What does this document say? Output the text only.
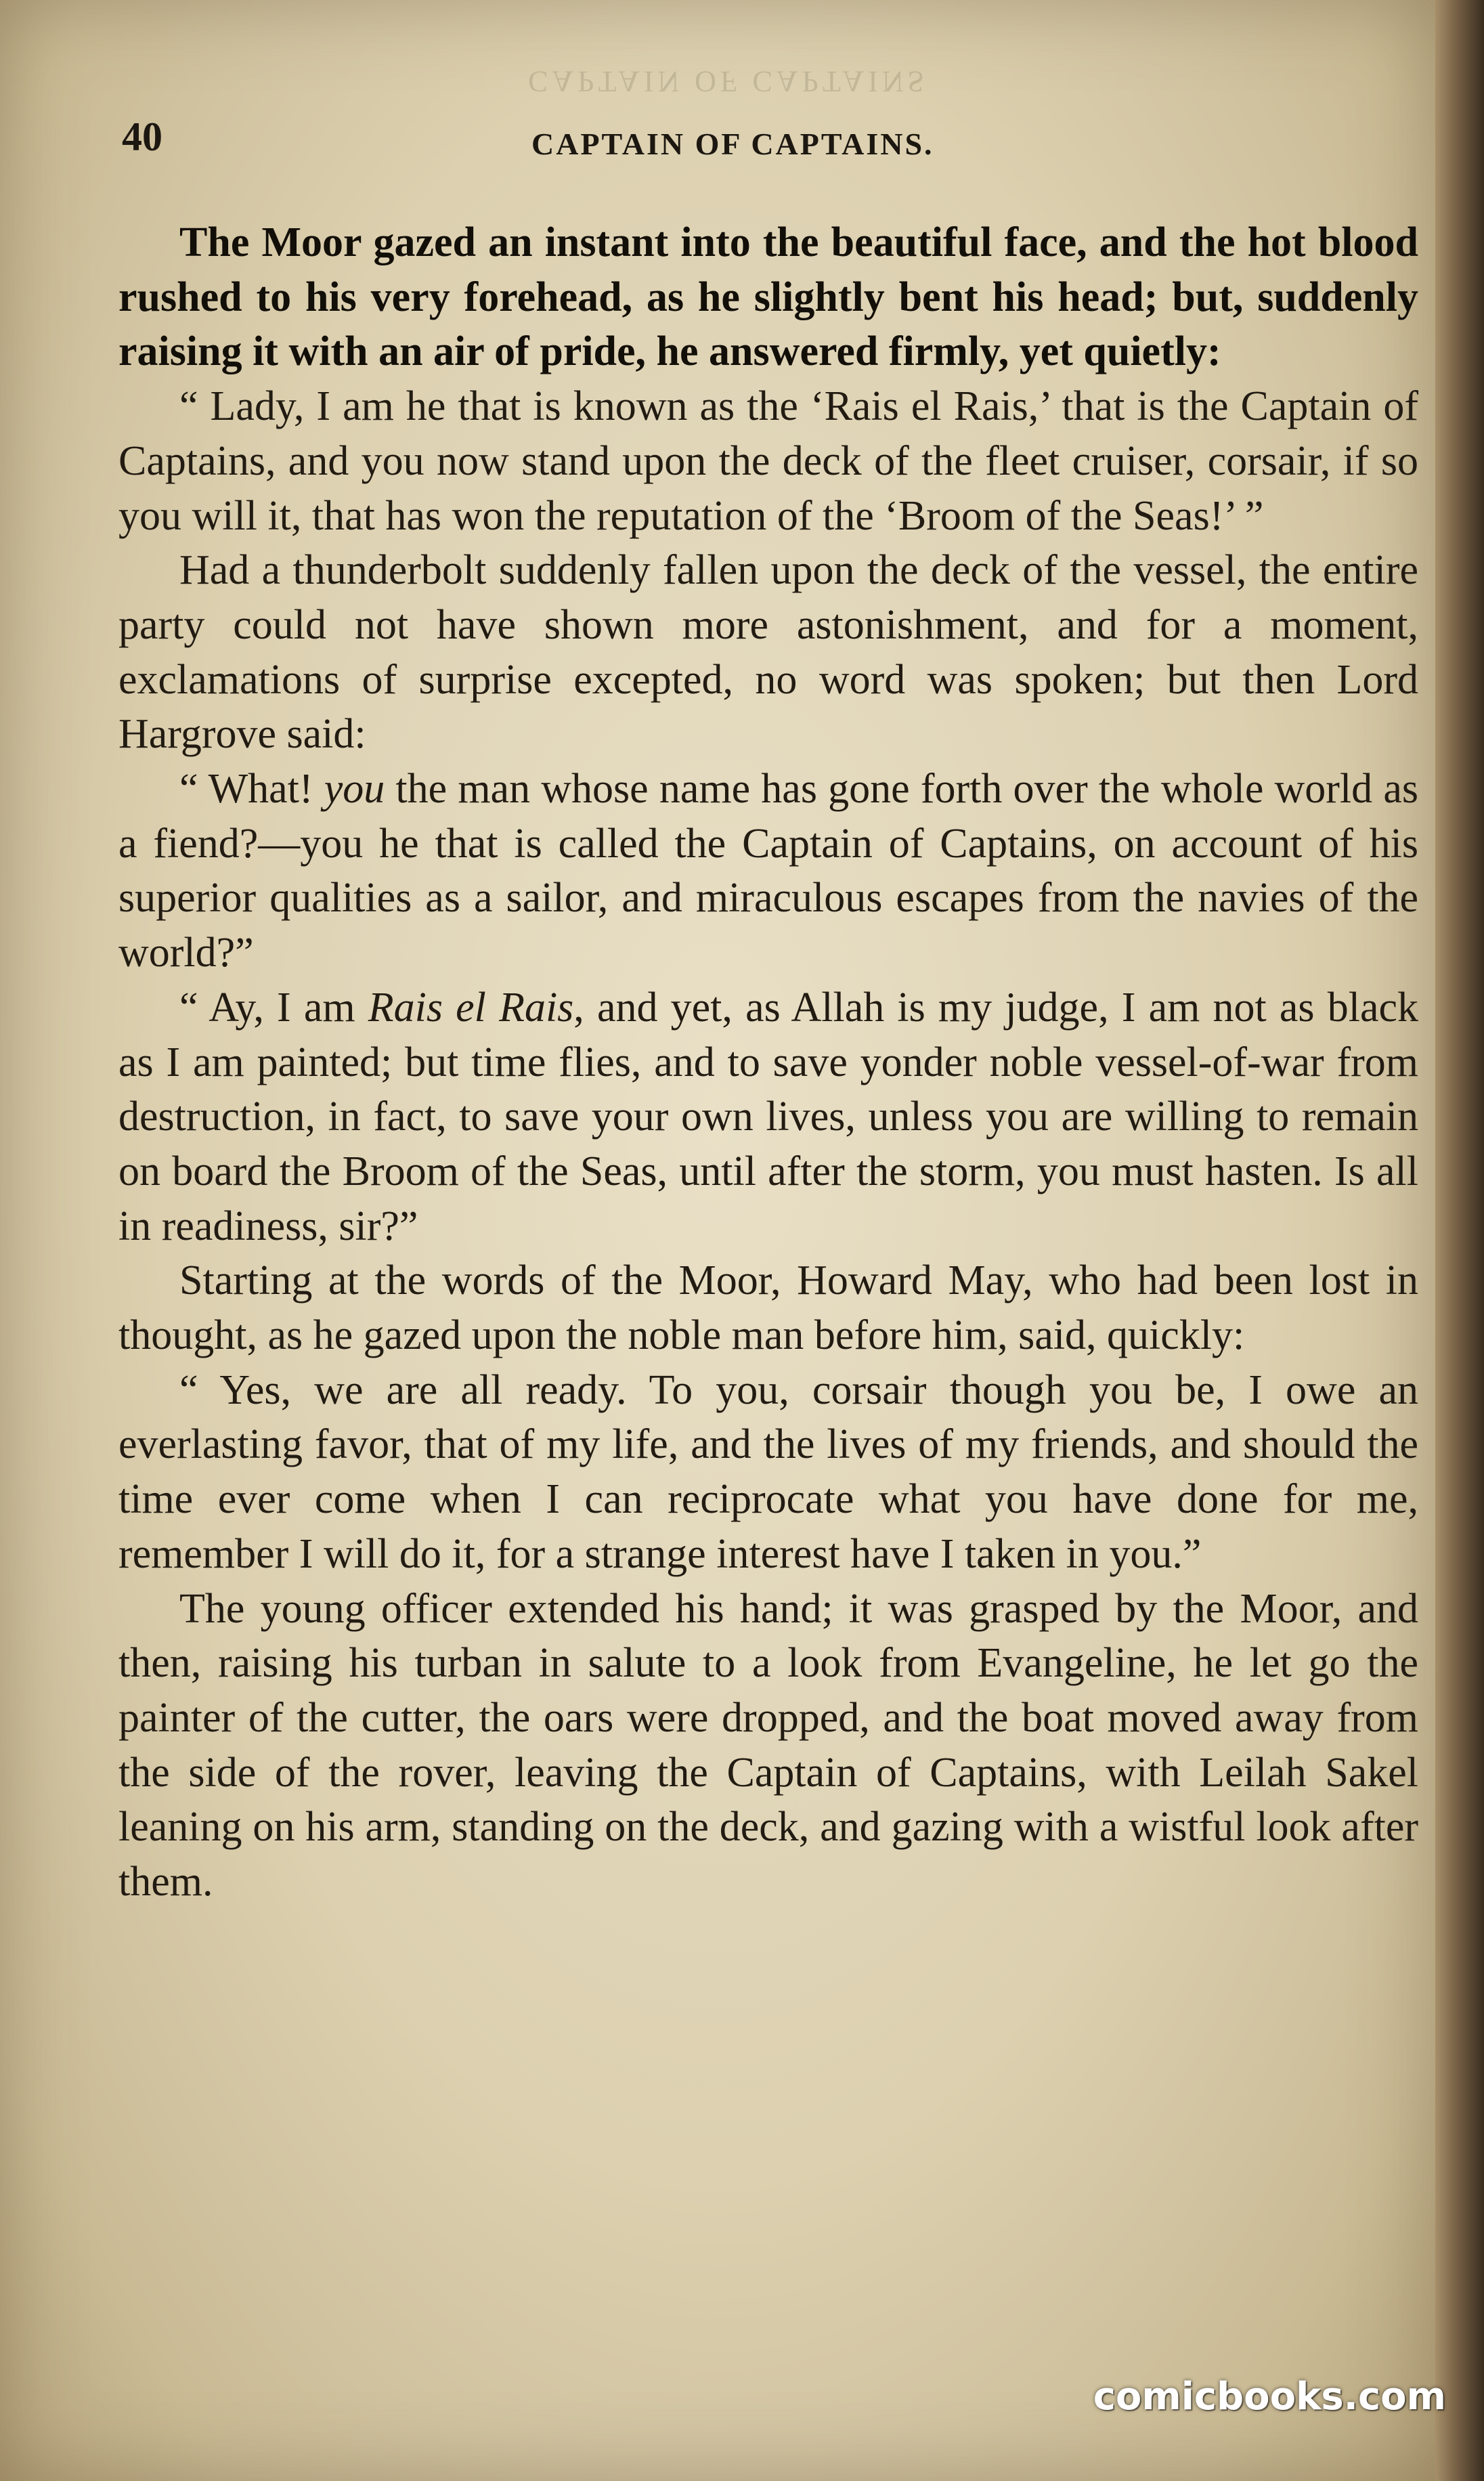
CAPTAIN OF CAPTAINS
40	CAPTAIN OF CAPTAINS.

The Moor gazed an instant into the beautiful face, and the hot blood rushed to his very forehead, as he slightly bent his head; but, suddenly raising it with an air of pride, he answered firmly, yet quietly:

“ Lady, I am he that is known as the ‘Rais el Rais,’ that is the Captain of Captains, and you now stand upon the deck of the fleet cruiser, corsair, if so you will it, that has won the reputation of the ‘Broom of the Seas!’ ”

Had a thunderbolt suddenly fallen upon the deck of the vessel, the entire party could not have shown more astonishment, and for a moment, exclamations of surprise excepted, no word was spoken; but then Lord Hargrove said:

“ What! you the man whose name has gone forth over the whole world as a fiend?—you he that is called the Captain of Captains, on account of his superior qualities as a sailor, and miraculous escapes from the navies of the world?”

“ Ay, I am Rais el Rais, and yet, as Allah is my judge, I am not as black as I am painted; but time flies, and to save yonder noble vessel-of-war from destruction, in fact, to save your own lives, unless you are willing to remain on board the Broom of the Seas, until after the storm, you must hasten. Is all in readiness, sir?”

Starting at the words of the Moor, Howard May, who had been lost in thought, as he gazed upon the noble man before him, said, quickly:

“ Yes, we are all ready. To you, corsair though you be, I owe an everlasting favor, that of my life, and the lives of my friends, and should the time ever come when I can reciprocate what you have done for me, remember I will do it, for a strange interest have I taken in you.”

The young officer extended his hand; it was grasped by the Moor, and then, raising his turban in salute to a look from Evangeline, he let go the painter of the cutter, the oars were dropped, and the boat moved away from the side of the rover, leaving the Captain of Captains, with Leilah Sakel leaning on his arm, standing on the deck, and gazing with a wistful look after them.

comicbooks.com
